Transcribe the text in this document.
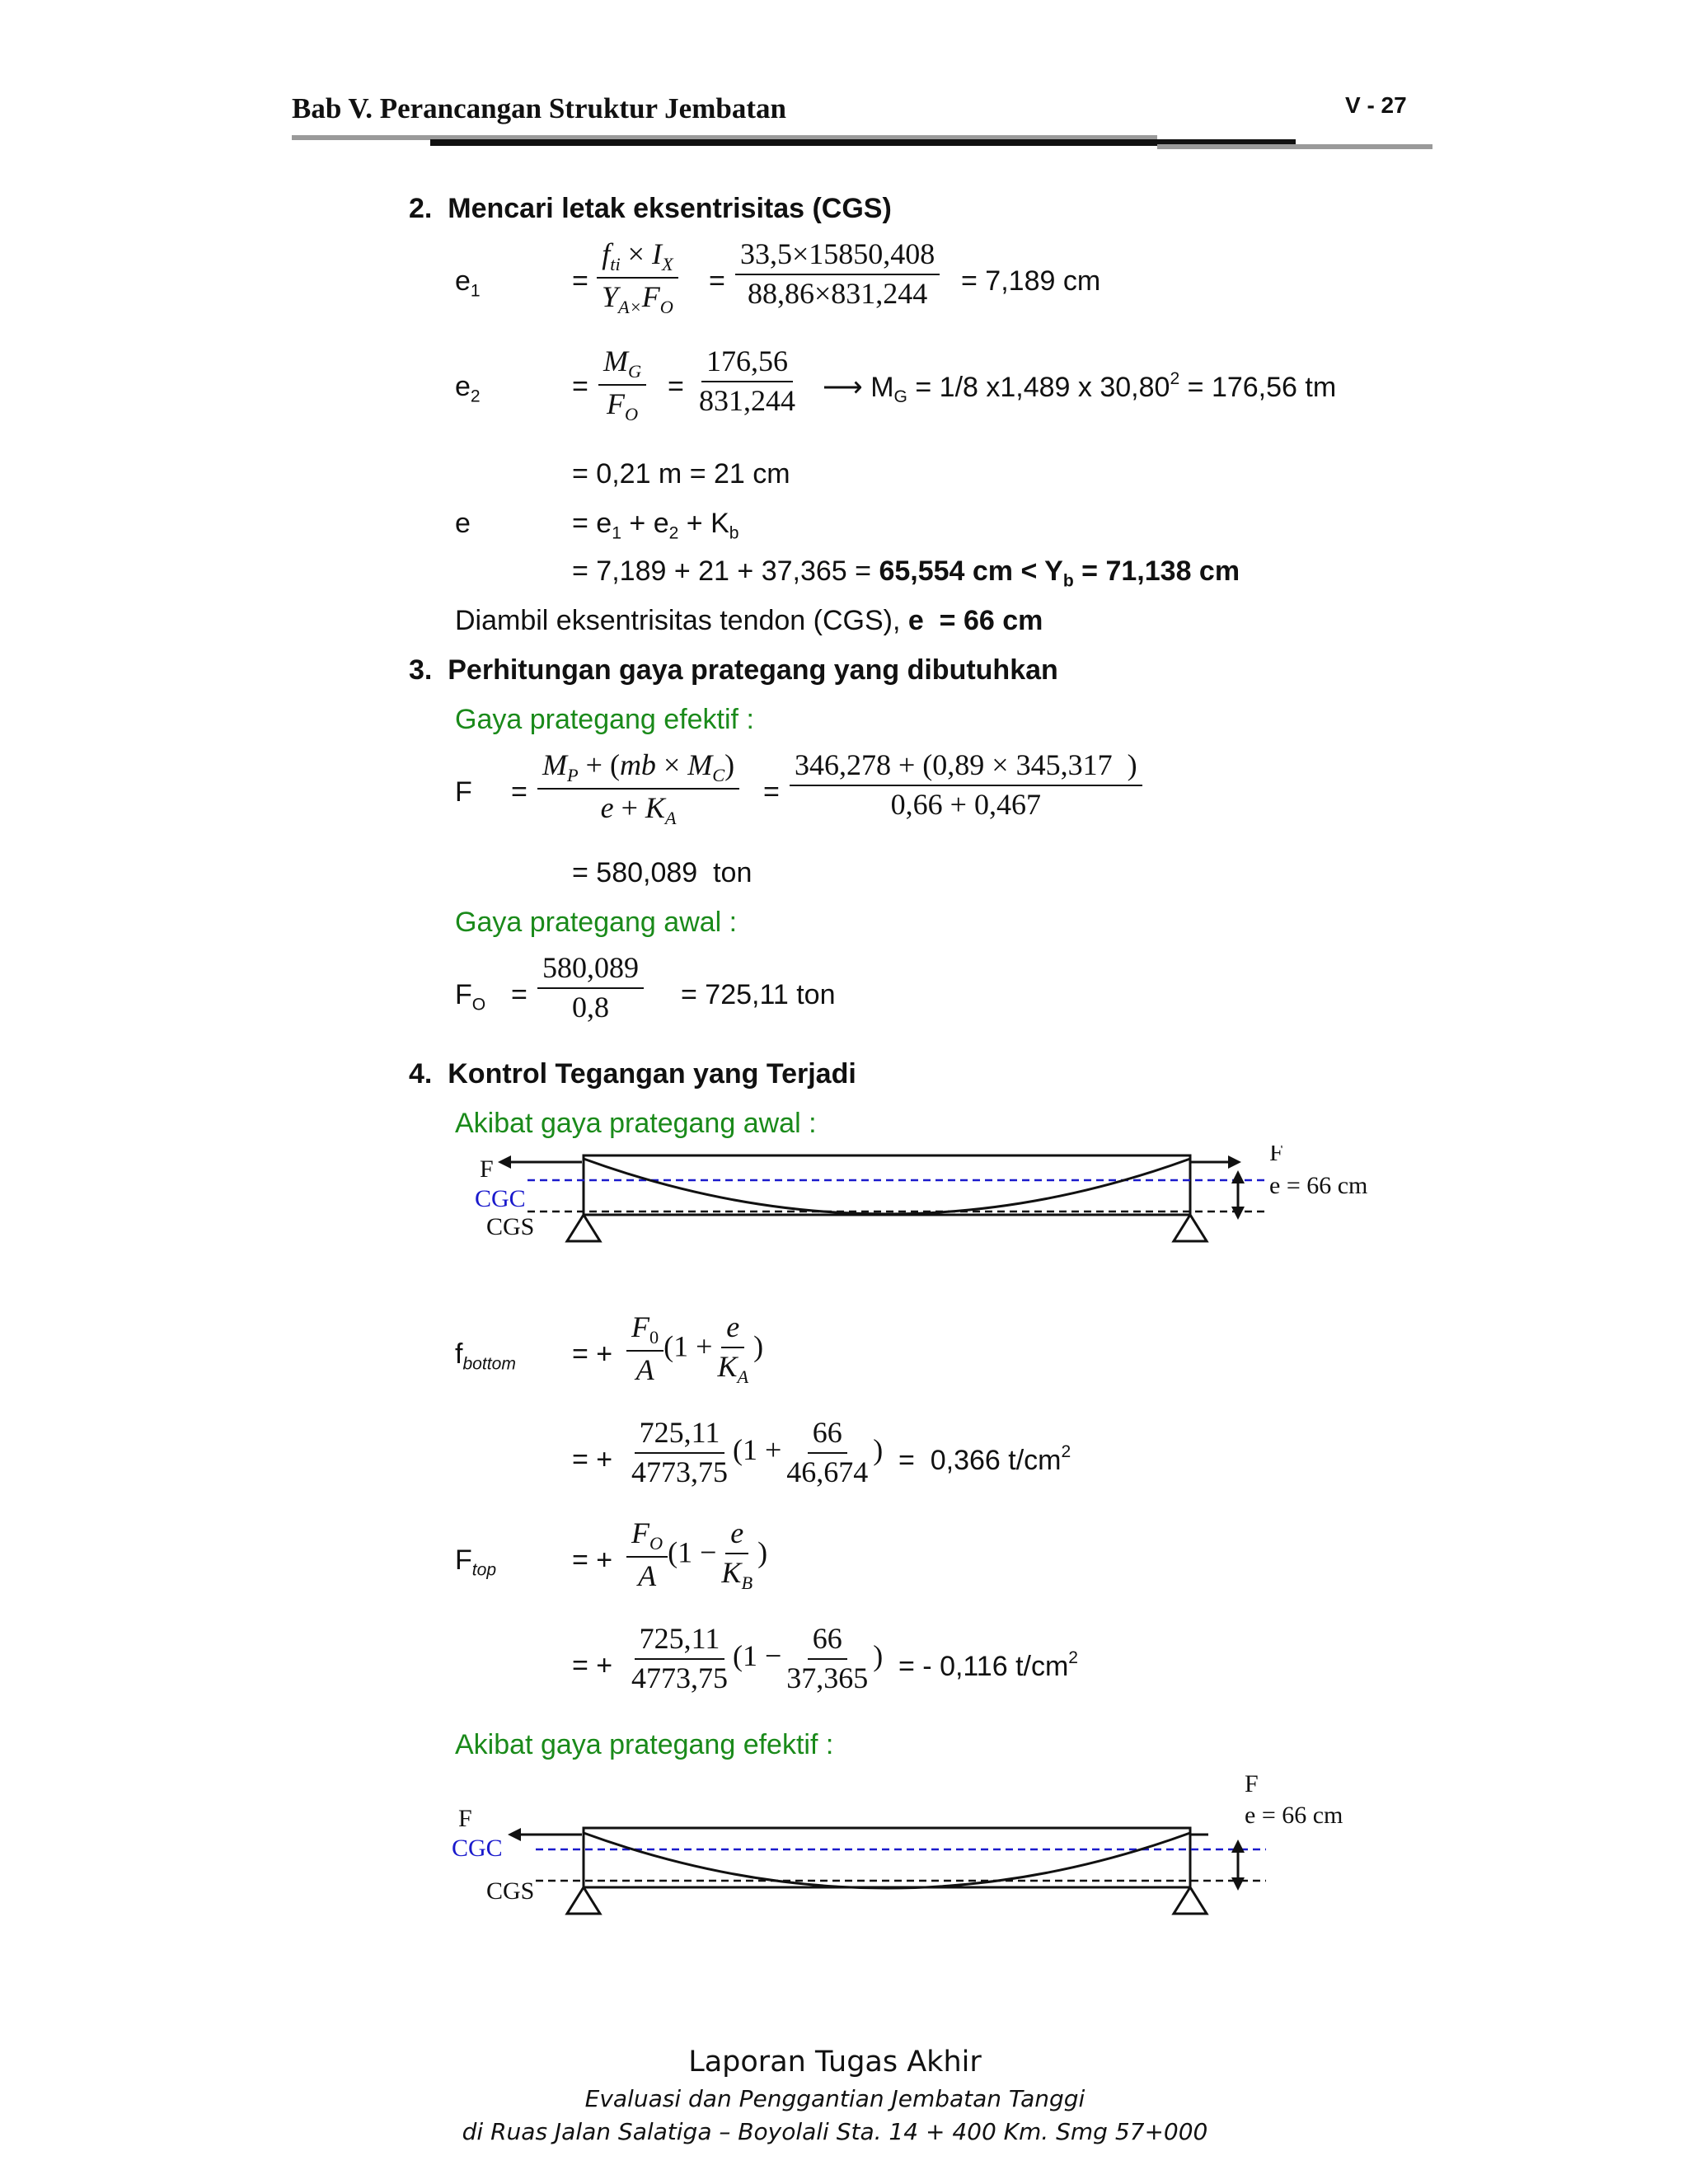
Bab V. Perancangan Struktur Jembatan	V - 27
2.  Mencari letak eksentrisitas (CGS)
$e_1$	= $\frac{f_{ti} \times I_X}{Y_{A\times}F_O} = \frac{33,5\times 15850,408}{88,86\times 831,244} = 7,189$ cm
$e_2$	= $\frac{M_G}{F_O} = \frac{176,56}{831,244}$ ⟶ $M_G = 1/8$ x1,489 x $30,80^2 = 176,56$ tm
= 0,21 m = 21 cm
e	= $e_1 + e_2 + K_b$
= 7,189 + 21 + 37,365 = 65,554 cm < $Y_b = 71,138$ cm
Diambil eksentrisitas tendon (CGS), e  = 66 cm
3.  Perhitungan gaya prategang yang dibutuhkan
Gaya prategang efektif :
$F = \frac{M_P + (mb \times M_C)}{e + K_A} = \frac{346,278 + (0,89 \times 345,317 )}{0,66 + 0,467}$
= 580,089  ton
Gaya prategang awal :
$F_O = \frac{580,089}{0,8} = 725,11$ ton
4.  Kontrol Tegangan yang Terjadi
Akibat gaya prategang awal :
F
CGC
CGS
F
e = 66 cm
$f_{bottom}$ = + $\frac{F_0}{A} (1 + \frac{e}{K_A}$ )
= + $\frac{725,11}{4773,75} (1 + \frac{66}{46,674}$ ) =  0,366 $t/cm^2$
$F_{top}$	= + $\frac{F_O}{A} (1 - \frac{e}{K_B}$ )
= + $\frac{725,11}{4773,75} (1 - \frac{66}{37,365}$ ) = - 0,116 $t/cm^2$
Akibat gaya prategang efektif :
F
CGC
CGS
F
e = 66 cm
Laporan Tugas Akhir
Evaluasi dan Penggantian Jembatan Tanggi
di Ruas Jalan Salatiga – Boyolali Sta. 14 + 400 Km. Smg 57+000
